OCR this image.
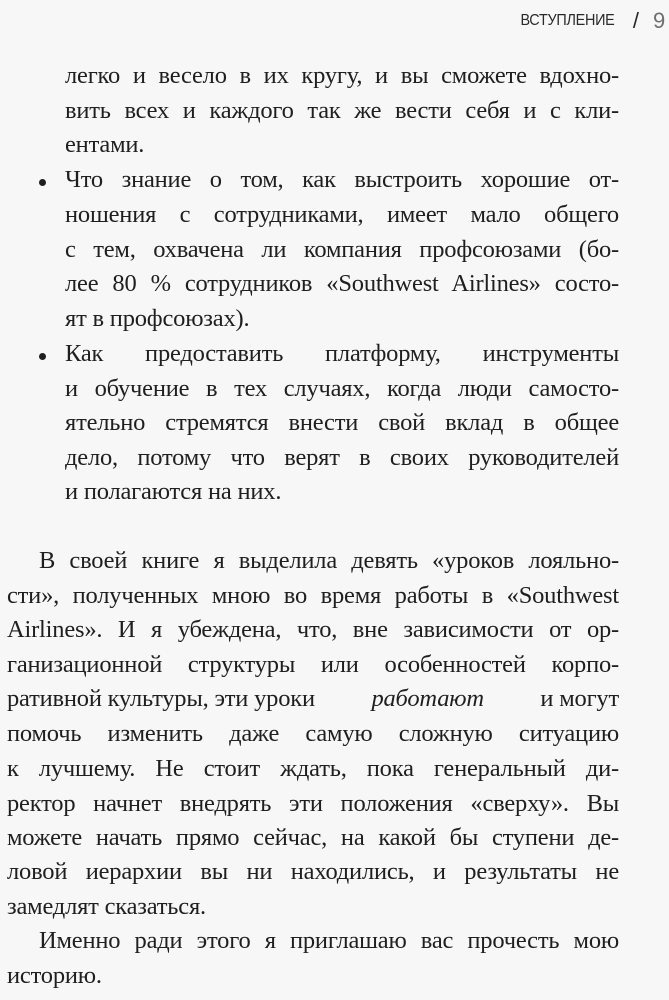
ВСТУПЛЕНИЕ / 9
легко и весело в их кругу, и вы сможете вдохно-
вить всех и каждого так же вести себя и с кли-
ентами.
Что знание о том, как выстроить хорошие от-
ношения с сотрудниками, имеет мало общего
с тем, охвачена ли компания профсоюзами (бо-
лее 80 % сотрудников «Southwest Airlines» состо-
ят в профсоюзах).
Как предоставить платформу, инструменты
и обучение в тех случаях, когда люди самосто-
ятельно стремятся внести свой вклад в общее
дело, потому что верят в своих руководителей
и полагаются на них.
В своей книге я выделила девять «уроков лояльно-
сти», полученных мною во время работы в «Southwest
Airlines». И я убеждена, что, вне зависимости от ор-
ганизационной структуры или особенностей корпо-
ративной культуры, эти уроки работают и могут
помочь изменить даже самую сложную ситуацию
к лучшему. Не стоит ждать, пока генеральный ди-
ректор начнет внедрять эти положения «сверху». Вы
можете начать прямо сейчас, на какой бы ступени де-
ловой иерархии вы ни находились, и результаты не
замедлят сказаться.
Именно ради этого я приглашаю вас прочесть мою
историю.
